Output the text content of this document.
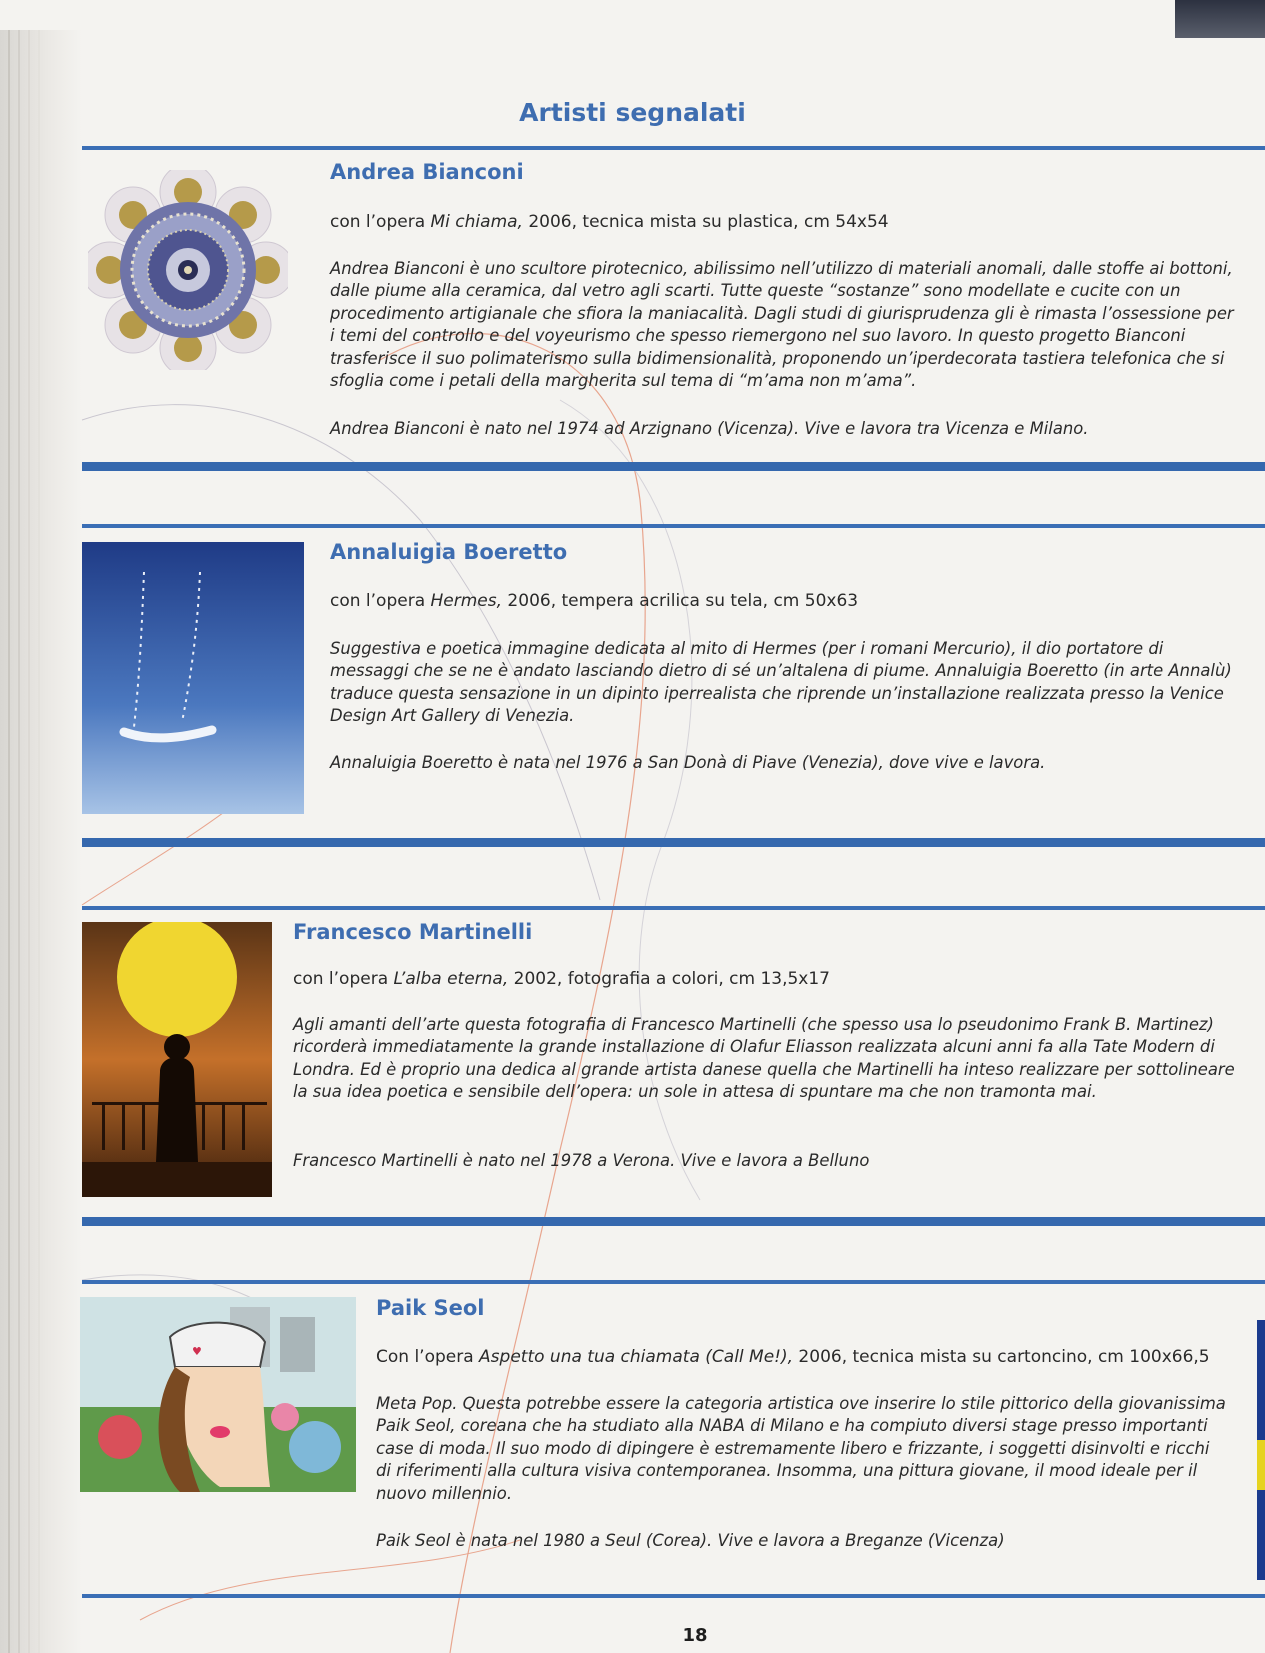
Artisti segnalati
Andrea Bianconi
con l’opera Mi chiama, 2006, tecnica mista su plastica, cm 54x54

Andrea Bianconi è uno scultore pirotecnico, abilissimo nell’utilizzo di materiali anomali, dalle stoffe ai bottoni, dalle piume alla ceramica, dal vetro agli scarti. Tutte queste “sostanze” sono modellate e cucite con un procedimento artigianale che sfiora la maniacalità. Dagli studi di giurisprudenza gli è rimasta l’ossessione per i temi del controllo e del voyeurismo che spesso riemergono nel suo lavoro. In questo progetto Bianconi trasferisce il suo polimaterismo sulla bidimensionalità, proponendo un’iperdecorata tastiera telefonica che si sfoglia come i petali della margherita sul tema di “m’ama non m’ama”.

Andrea Bianconi è nato nel 1974 ad Arzignano (Vicenza). Vive e lavora tra Vicenza e Milano.

Annaluigia Boeretto
con l’opera Hermes, 2006, tempera acrilica su tela, cm 50x63

Suggestiva e poetica immagine dedicata al mito di Hermes (per i romani Mercurio), il dio portatore di messaggi che se ne è andato lasciando dietro di sé un’altalena di piume. Annaluigia Boeretto (in arte Annalù) traduce questa sensazione in un dipinto iperrealista che riprende un’installazione realizzata presso la Venice Design Art Gallery di Venezia.

Annaluigia Boeretto è nata nel 1976 a San Donà di Piave (Venezia), dove vive e lavora.

Francesco Martinelli
con l’opera L’alba eterna, 2002, fotografia a colori, cm 13,5x17

Agli amanti dell’arte questa fotografia di Francesco Martinelli (che spesso usa lo pseudonimo Frank B. Martinez) ricorderà immediatamente la grande installazione di Olafur Eliasson realizzata alcuni anni fa alla Tate Modern di Londra. Ed è proprio una dedica al grande artista danese quella che Martinelli ha inteso realizzare per sottolineare la sua idea poetica e sensibile dell’opera: un sole in attesa di spuntare ma che non tramonta mai.

Francesco Martinelli è nato nel 1978 a Verona. Vive e lavora a Belluno

♥
Paik Seol
Con l’opera Aspetto una tua chiamata (Call Me!), 2006, tecnica mista su cartoncino, cm 100x66,5

Meta Pop. Questa potrebbe essere la categoria artistica ove inserire lo stile pittorico della giovanissima Paik Seol, coreana che ha studiato alla NABA di Milano e ha compiuto diversi stage presso importanti case di moda. Il suo modo di dipingere è estremamente libero e frizzante, i soggetti disinvolti e ricchi di riferimenti alla cultura visiva contemporanea. Insomma, una pittura giovane, il mood ideale per il nuovo millennio.

Paik Seol è nata nel 1980 a Seul (Corea). Vive e lavora a Breganze (Vicenza)

18
